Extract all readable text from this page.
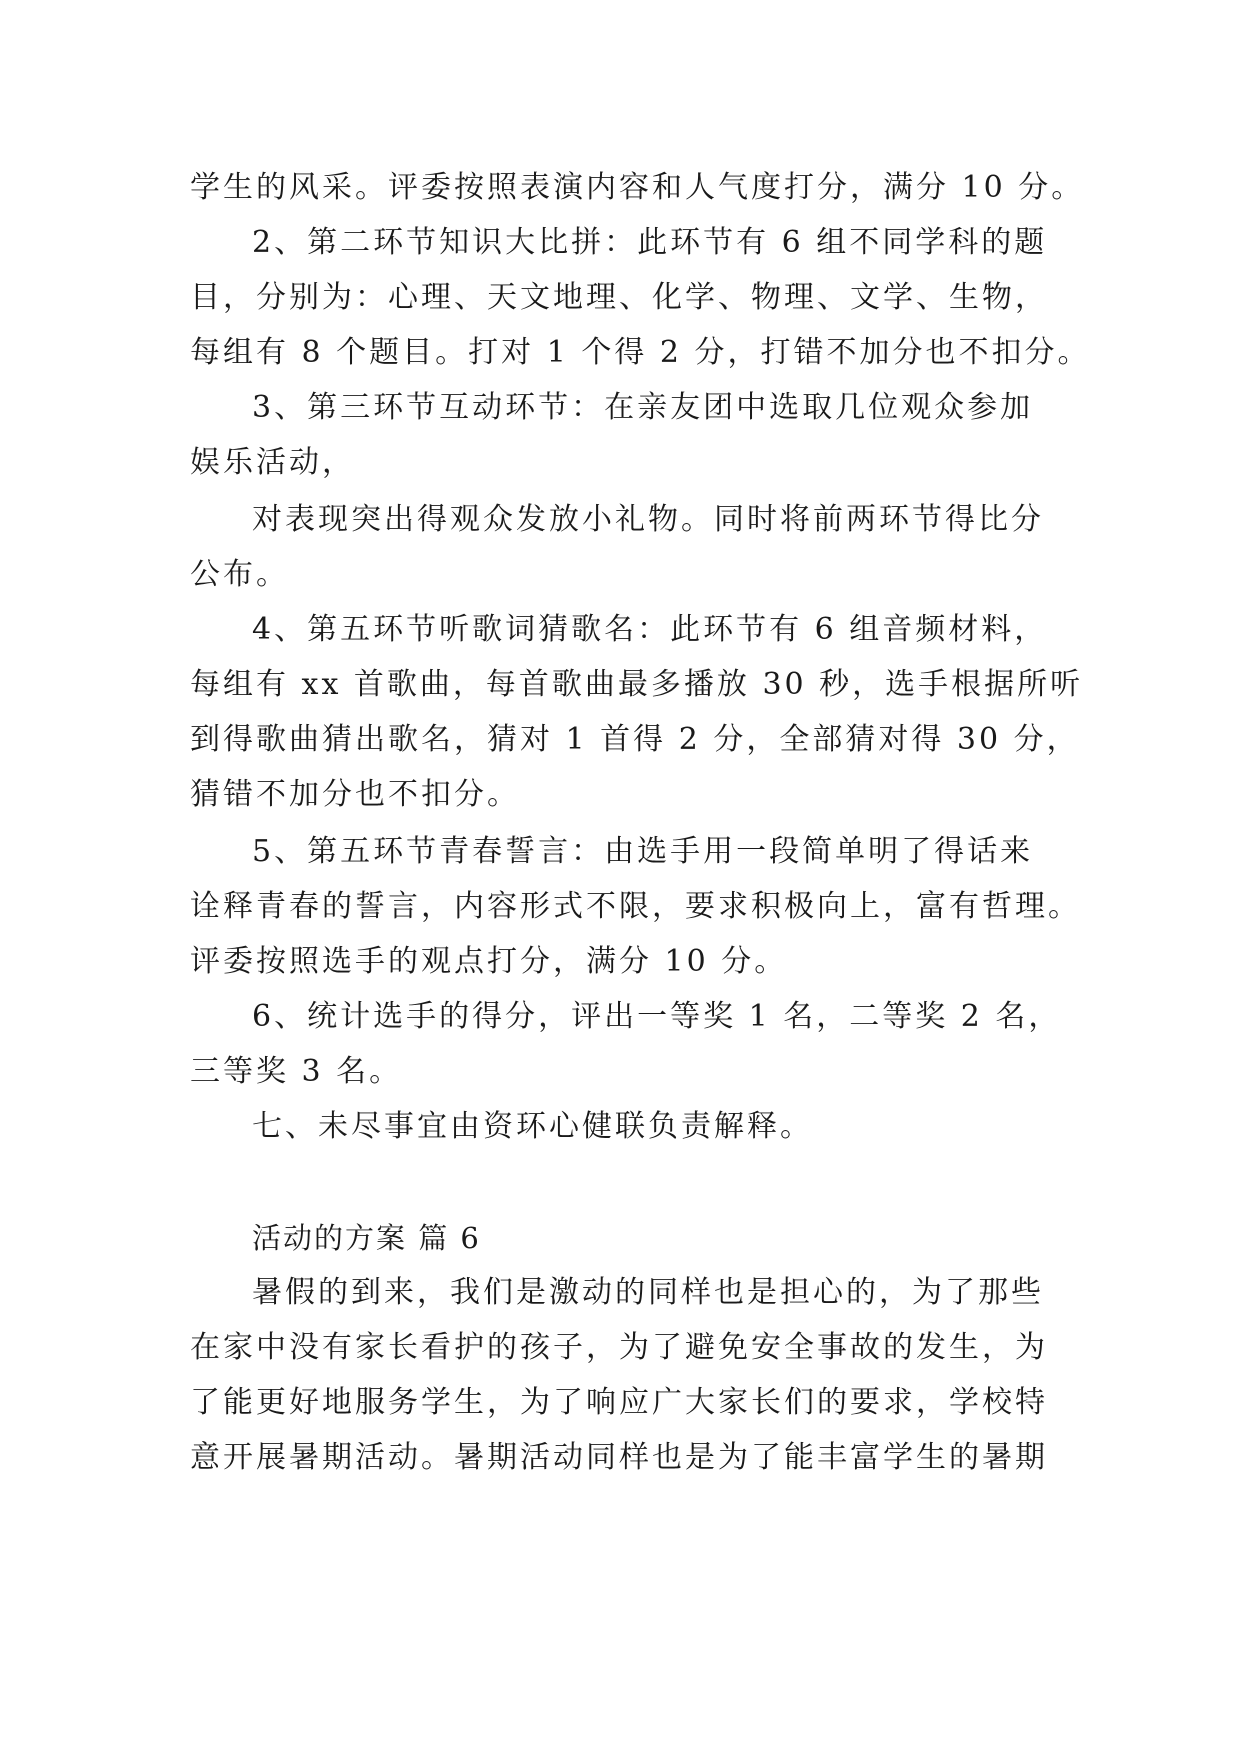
学生的风采。评委按照表演内容和人气度打分，满分 10 分。
2、第二环节知识大比拼：此环节有 6 组不同学科的题
目，分别为：心理、天文地理、化学、物理、文学、生物，
每组有 8 个题目。打对 1 个得 2 分，打错不加分也不扣分。
3、第三环节互动环节：在亲友团中选取几位观众参加
娱乐活动，
对表现突出得观众发放小礼物。同时将前两环节得比分
公布。
4、第五环节听歌词猜歌名：此环节有 6 组音频材料，
每组有 xx 首歌曲，每首歌曲最多播放 30 秒，选手根据所听
到得歌曲猜出歌名，猜对 1 首得 2 分，全部猜对得 30 分，
猜错不加分也不扣分。
5、第五环节青春誓言：由选手用一段简单明了得话来
诠释青春的誓言，内容形式不限，要求积极向上，富有哲理。
评委按照选手的观点打分，满分 10 分。
6、统计选手的得分，评出一等奖 1 名，二等奖 2 名，
三等奖 3 名。
七、未尽事宜由资环心健联负责解释。
活动的方案 篇 6
暑假的到来，我们是激动的同样也是担心的，为了那些
在家中没有家长看护的孩子，为了避免安全事故的发生，为
了能更好地服务学生，为了响应广大家长们的要求，学校特
意开展暑期活动。暑期活动同样也是为了能丰富学生的暑期
